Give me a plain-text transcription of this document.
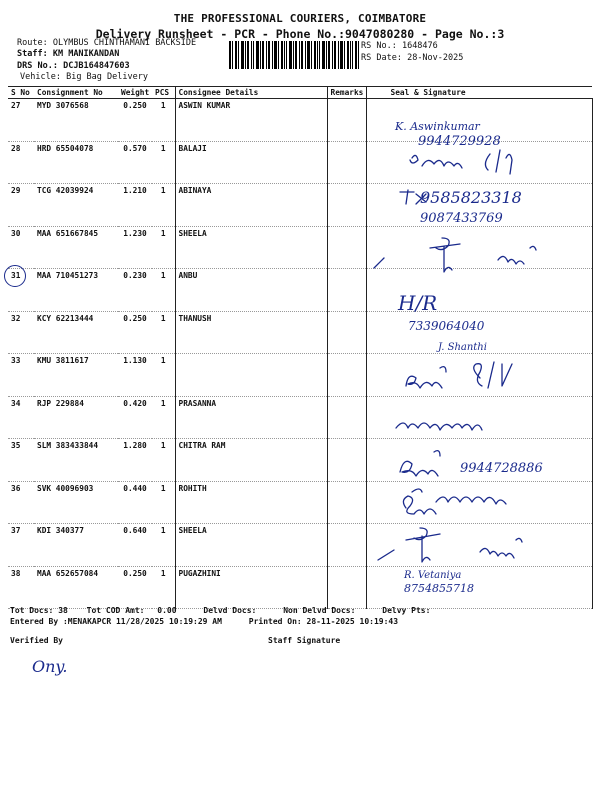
THE PROFESSIONAL COURIERS, COIMBATORE
Delivery Runsheet - PCR - Phone No.:9047080280 - Page No.:3
Route: OLYMBUS CHINTHAMANI BACKSIDE
Staff: KM MANIKANDAN
DRS No.: DCJB164847603
Vehicle: Big Bag Delivery
RS No.: 1648476
RS Date: 28-Nov-2025
S No	Consignment No	Weight	PCS	Consignee Details	Remarks	Seal & Signature
27	MYD 3076568	0.250	1	ASWIN KUMAR		
28	HRD 65504078	0.570	1	BALAJI		
29	TCG 42039924	1.210	1	ABINAYA		
30	MAA 651667845	1.230	1	SHEELA		
31	MAA 710451273	0.230	1	ANBU		
32	KCY 62213444	0.250	1	THANUSH		
33	KMU 3811617	1.130	1			
34	RJP 229884	0.420	1	PRASANNA		
35	SLM 383433844	1.280	1	CHITRA RAM		
36	SVK 40096903	0.440	1	ROHITH		
37	KDI 340377	0.640	1	SHEELA		
38	MAA 652657084	0.250	1	PUGAZHINI		
K. Aswinkumar
9944729928
9585823318
9087433769
H/R
7339064040
J. Shanthi
9944728886
R. Vetaniya
8754855718
Tot Docs: 38 Tot COD Amt: 0.00	Delvd Docs:	Non Delvd Docs:	Delvy Pts:
Entered By :MENAKAPCR 11/28/2025 10:19:29 AM	Printed On: 28-11-2025 10:19:43
Verified By	Staff Signature
Ony.
